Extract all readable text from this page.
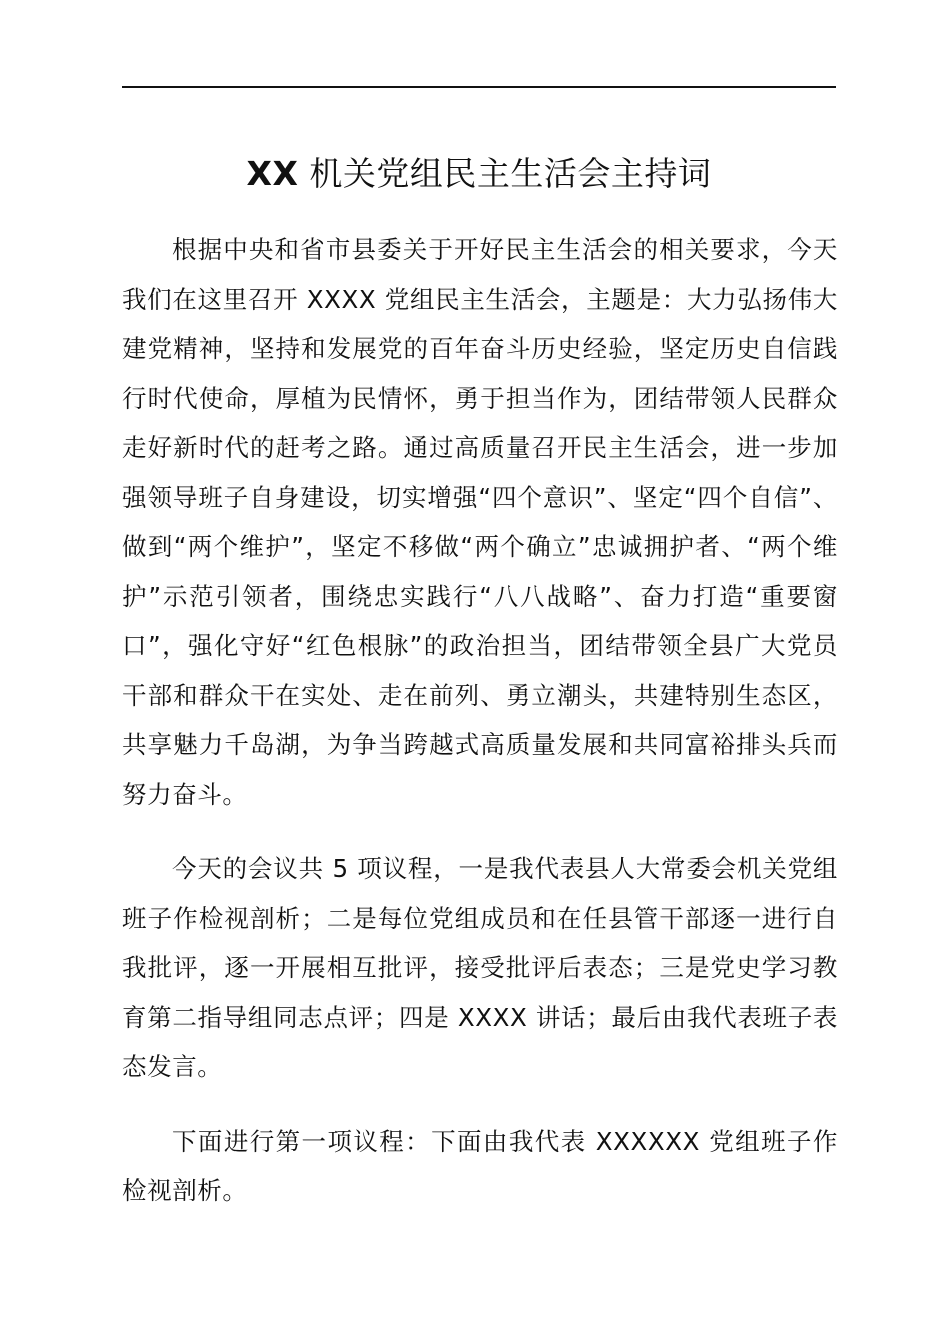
XX 机关党组民主生活会主持词

根据中央和省市县委关于开好民主生活会的相关要求，今天我们在这里召开 XXXX 党组民主生活会，主题是：大力弘扬伟大建党精神，坚持和发展党的百年奋斗历史经验，坚定历史自信践行时代使命，厚植为民情怀，勇于担当作为，团结带领人民群众走好新时代的赶考之路。通过高质量召开民主生活会，进一步加强领导班子自身建设，切实增强“四个意识”、坚定“四个自信”、做到“两个维护”，坚定不移做“两个确立”忠诚拥护者、“两个维护”示范引领者，围绕忠实践行“八八战略”、奋力打造“重要窗口”，强化守好“红色根脉”的政治担当，团结带领全县广大党员干部和群众干在实处、走在前列、勇立潮头，共建特别生态区，共享魅力千岛湖，为争当跨越式高质量发展和共同富裕排头兵而努力奋斗。

今天的会议共 5 项议程，一是我代表县人大常委会机关党组班子作检视剖析；二是每位党组成员和在任县管干部逐一进行自我批评，逐一开展相互批评，接受批评后表态；三是党史学习教育第二指导组同志点评；四是 XXXX 讲话；最后由我代表班子表态发言。

下面进行第一项议程：下面由我代表 XXXXXX 党组班子作检视剖析。
